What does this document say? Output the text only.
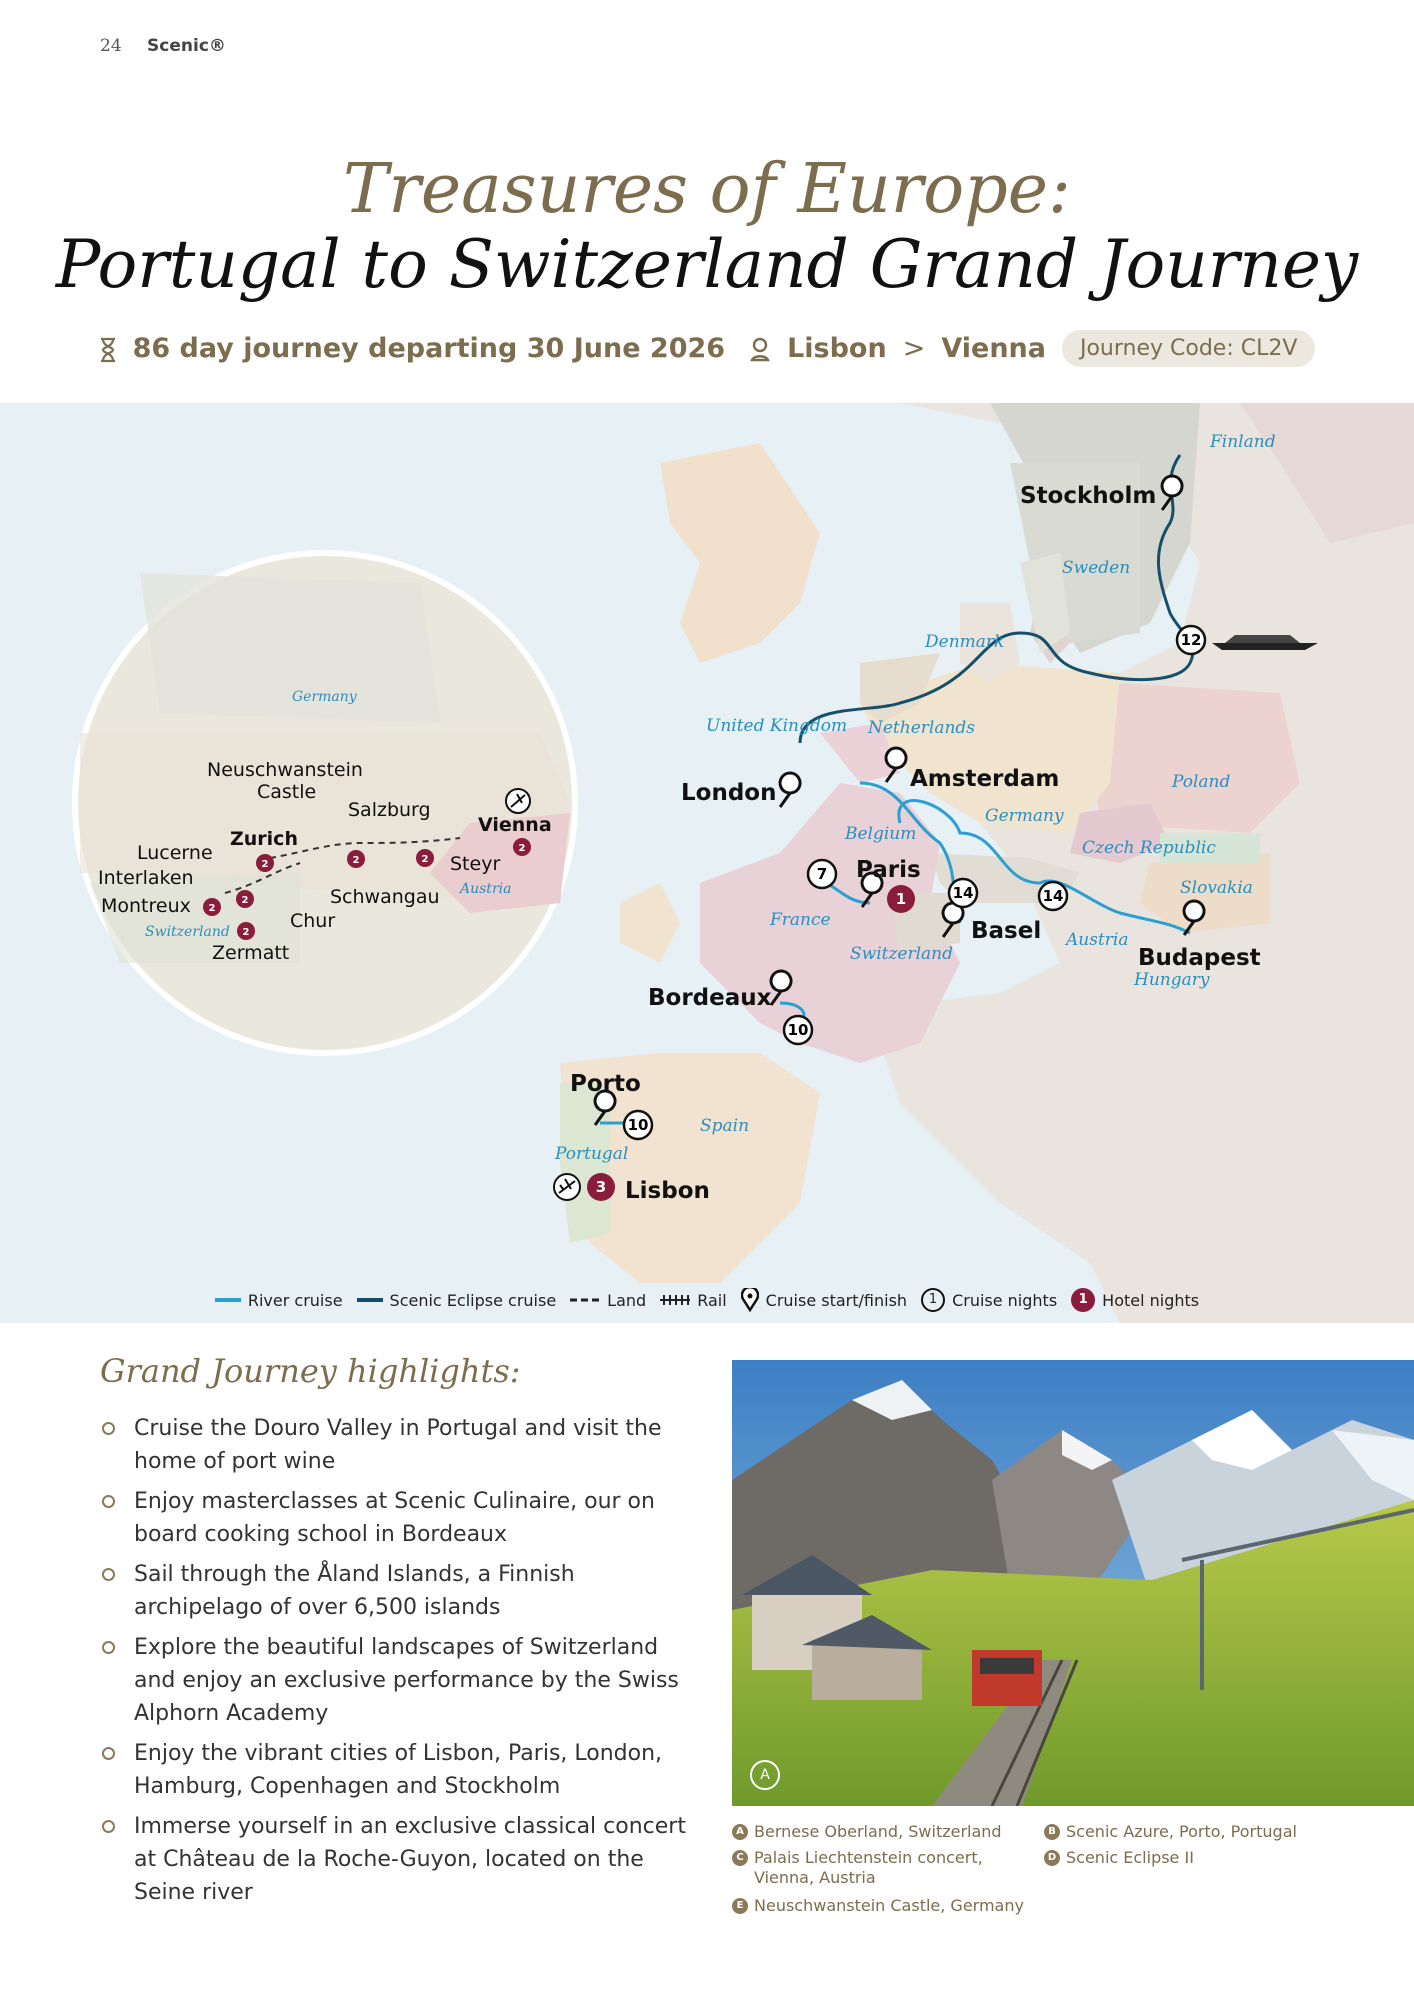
24 Scenic®
Treasures of Europe:
Portugal to Switzerland Grand Journey
86 day journey departing 30 June 2026 Lisbon > Vienna	Journey Code: CL2V
Finland
Sweden
Denmark
Netherlands
Germany
Poland
Belgium
Slovakia
France
Switzerland
Austria
Hungary
Spain
Portugal
United Kingdom
Czech Republic
Stockholm
London
Amsterdam
Paris
Basel
Budapest
Bordeaux
Porto
Lisbon
12
7
14	14
10
10
1
3
Germany
Austria
Switzerland
Neuschwanstein
Castle
Salzburg
Vienna
Zurich
Lucerne
Interlaken
Montreux
Steyr
Schwangau
Chur
Zermatt
2
2
2
2
2	2
2
River cruise	Scenic Eclipse cruise	Land	Rail Cruise start/finish	1 Cruise nights	1 Hotel nights
Grand Journey highlights:
Cruise the Douro Valley in Portugal and visit the home of port wine
Enjoy masterclasses at Scenic Culinaire, our on board cooking school in Bordeaux
Sail through the Åland Islands, a Finnish archipelago of over 6,500 islands
Explore the beautiful landscapes of Switzerland and enjoy an exclusive performance by the Swiss Alphorn Academy
Enjoy the vibrant cities of Lisbon, Paris, London, Hamburg, Copenhagen and Stockholm
Immerse yourself in an exclusive classical concert at Château de la Roche-Guyon, located on the Seine river
A
A Bernese Oberland, Switzerland	B Scenic Azure, Porto, Portugal
C Palais Liechtenstein concert, Vienna, Austria
D Scenic Eclipse II
E Neuschwanstein Castle, Germany
